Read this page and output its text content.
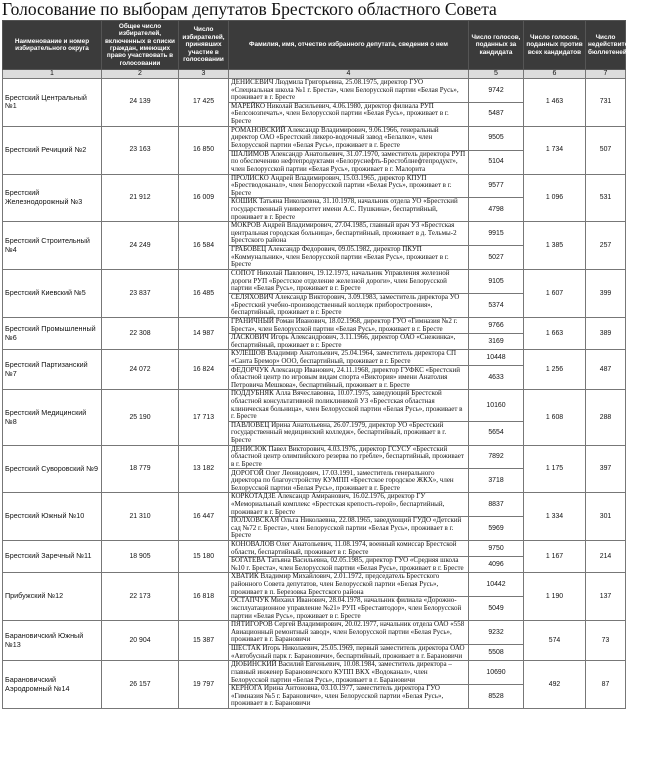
Голосование по выборам депутатов Брестского областного Совета
Наименование и номер избирательного округа	Общее число избирателей, включенных в списки граждан, имеющих право участвовать в голосовании	Число избирателей, принявших участие в голосовании	Фамилия, имя, отчество избранного депутата, сведения о нем	Число голосов, поданных за кандидата	Число голосов, поданных против всех кандидатов	Число недействительных бюллетеней
1	2	3	4	5	6	7
Брестский Центральный №1	24 139	17 425	ДЕНИСЕВИЧ Людмила Григорьевна, 25.08.1975, директор ГУО «Специальная школа №1 г. Бреста», член Белорусской партии «Белая Русь», проживает в г. Бресте	9742	1 463	731
			МАРЕЙКО Николай Васильевич, 4.06.1980, директор филиала РУП «Белсоюзпечать», член Белорусской партии «Белая Русь», проживает в г. Бресте	5487		
Брестский Речицкий №2	23 163	16 850	РОМАНОВСКИЙ Александр Владимирович, 9.06.1966, генеральный директор ОАО «Брестский ликеро-водочный завод «Белалко», член Белорусской партии «Белая Русь», проживает в г. Бресте	9505	1 734	507
			ШАЛИМОВ Александр Анатольевич, 31.07.1970, заместитель директора РУП по обеспечению нефтепродуктами «Белоруснефть-Брестоблнефтепродукт», член Белорусской партии «Белая Русь», проживает в г. Малорита	5104		
Брестский Железнодорожный №3	21 912	16 009	ПРОЛИСКО Андрей Владимирович, 15.03.1965, директор КПУП «Брестводоканал», член Белорусской партии «Белая Русь», проживает в г. Бресте	9577	1 096	531
			КОШИК Татьяна Николаевна, 31.10.1978, начальник отдела УО «Брестский государственный университет имени А.С. Пушкина», беспартийный, проживает в г. Бресте	4798		
Брестский Строительный №4	24 249	16 584	МОКРОВ Андрей Владимирович, 27.04.1985, главный врач УЗ «Брестская центральная городская больница», беспартийный, проживает в д. Тельмы-2 Брестского района	9915	1 385	257
			ГРАБОВЕЦ Александр Федорович, 09.05.1982, директор ПКУП «Коммунальник», член Белорусской партии «Белая Русь», проживает в г. Бресте	5027		
Брестский Киевский №5	23 837	16 485	СОПОТ Николай Павлович, 19.12.1973, начальник Управления железной дороги РУП «Брестское отделение железной дороги», член Белорусской партии «Белая Русь», проживает в г. Бресте	9105	1 607	399
			СЕЛЯХОВИЧ Александр Викторович, 3.09.1983, заместитель директора УО «Брестский учебно-производственный колледж приборостроения», беспартийный, проживает в г. Бресте	5374		
Брестский Промышленный №6	22 308	14 987	ГРАНИЧНЫЙ Роман Иванович, 18.02.1968, директор ГУО «Гимназия №2 г. Бреста», член Белорусской партии «Белая Русь», проживает в г. Бресте	9766	1 663	389
			ЛАСКОВИЧ Игорь Александрович, 3.11.1966, директор ОАО «Снежинка», беспартийный, проживает в г. Бресте	3169		
Брестский Партизанский №7	24 072	16 824	КУЛЕШОВ Владимир Анатольевич, 25.04.1964, заместитель директора СП «Санта Бремор» ООО, беспартийный, проживает в г. Бресте	10448	1 256	487
			ФЕДОРЧУК Александр Иванович, 24.11.1968, директор ГУФКС «Брестский областной центр по игровым видам спорта «Виктория» имени Анатолия Петровича Мешкова», беспартийный, проживает в г. Бресте	4633		
Брестский Медицинский №8	25 190	17 713	ПОДДУБНЯК Алла Вячеславовна, 10.07.1975, заведующий Брестской областной консультативной поликлиникой УЗ «Брестская областная клиническая больница», член Белорусской партии «Белая Русь», проживает в г. Бресте	10160	1 608	288
			ПАВЛОВЕЦ Ирина Анатольевна, 26.07.1979, директор УО «Брестский государственный медицинский колледж», беспартийный, проживает в г. Бресте	5654		
Брестский Суворовский №9	18 779	13 182	ДЕНИСЮК Павел Викторович, 4.03.1976, директор ГСУСУ «Брестский областной центр олимпийского резерва по гребле», беспартийный, проживает в г. Бресте	7892	1 175	397
			ДОРОГОЙ Олег Леонидович, 17.03.1991, заместитель генерального директора по благоустройству КУМПП «Брестское городское ЖКХ», член Белорусской партии «Белая Русь», проживает в г. Бресте	3718		
Брестский Южный №10	21 310	16 447	КОРКОТАДЗЕ Александр Амиранович, 16.02.1976, директор ГУ «Мемориальный комплекс «Брестская крепость-герой», беспартийный, проживает в г. Бресте	8837	1 334	301
			ПОЛХОВСКАЯ Ольга Николаевна, 22.08.1965, заведующий ГУДО «Детский сад №72 г. Бреста», член Белорусской партии «Белая Русь», проживает в г. Бресте	5969		
Брестский Заречный №11	18 905	15 180	КОНОВАЛОВ Олег Анатольевич, 11.08.1974, военный комиссар Брестской области, беспартийный, проживает в г. Бресте	9750	1 167	214
			БОГАТЕВА Татьяна Васильевна, 02.05.1985, директор ГУО «Средняя школа №10 г. Бреста», член Белорусской партии «Белая Русь», проживает в г. Бресте	4096		
Прибужский №12	22 173	16 818	ХВАТИК Владимир Михайлович, 2.01.1972, председатель Брестского районного Совета депутатов, член Белорусской партии «Белая Русь», проживает в п. Березовка Брестского района	10442	1 190	137
			ОСТАПЧУК Михаил Иванович, 28.04.1978, начальник филиала «Дорожно-эксплуатационное управление №21» РУП «Бреставтодор», член Белорусской партии «Белая Русь», проживает в г. Бресте	5049		
Барановичский Южный №13	20 904	15 387	ПЯТИГОРОВ Сергей Владимирович, 20.02.1977, начальник отдела ОАО «558 Авиационный ремонтный завод», член Белорусской партии «Белая Русь», проживает в г. Барановичи	9232	574	73
			ШЕСТАК Игорь Николаевич, 25.05.1969, первый заместитель директора ОАО «Автобусный парк г. Барановичи», беспартийный, проживает в г. Барановичи	5508		
Барановичский Аэродромный №14	26 157	19 797	ДЮБИНСКИЙ Василий Евгеньевич, 10.08.1984, заместитель директора – главный инженер Барановичского КУПП ВКХ «Водоканал», член Белорусской партии «Белая Русь», проживает в г. Барановичи	10690	492	87
			КЕРНОГА Ирина Антоновна, 03.10.1977, заместитель директора ГУО «Гимназия №5 г. Барановичи», член Белорусской партии «Белая Русь», проживает в г. Барановичи	8528		
